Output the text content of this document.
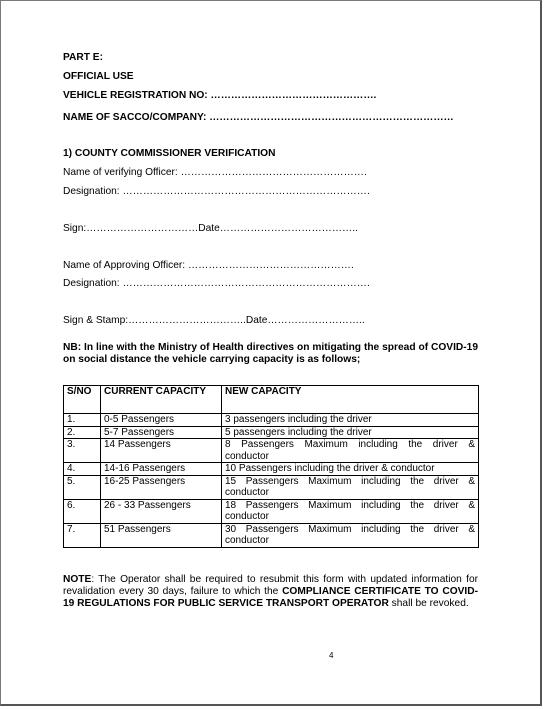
PART E:
OFFICIAL USE
VEHICLE REGISTRATION NO: ………………………………………….
NAME OF SACCO/COMPANY: ………………………………………………………………
1) COUNTY COMMISSIONER VERIFICATION
Name of verifying Officer: ……………………………………………….
Designation: ……………………………………………………………….
Sign:……………………………Date…………………………………..
Name of Approving Officer: ………………………………………….
Designation: ……………………………………………………………….
Sign & Stamp:……………………………..Date………………………..
NB: In line with the Ministry of Health directives on mitigating the spread of COVID-19 on social distance the vehicle carrying capacity is as follows;
S/NO	CURRENT CAPACITY	NEW CAPACITY
1.	0-5 Passengers	3 passengers including the driver
2.	5-7 Passengers	5 passengers including the driver
3.	14 Passengers	8 Passengers Maximum including the driver & conductor
4.	14-16 Passengers	10 Passengers including the driver & conductor
5.	16-25 Passengers	15 Passengers Maximum including the driver & conductor
6.	26 - 33 Passengers	18 Passengers Maximum including the driver & conductor
7.	51 Passengers	30 Passengers Maximum including the driver & conductor
NOTE: The Operator shall be required to resubmit this form with updated information for revalidation every 30 days, failure to which the COMPLIANCE CERTIFICATE TO COVID-19 REGULATIONS FOR PUBLIC SERVICE TRANSPORT OPERATOR shall be revoked.
4
